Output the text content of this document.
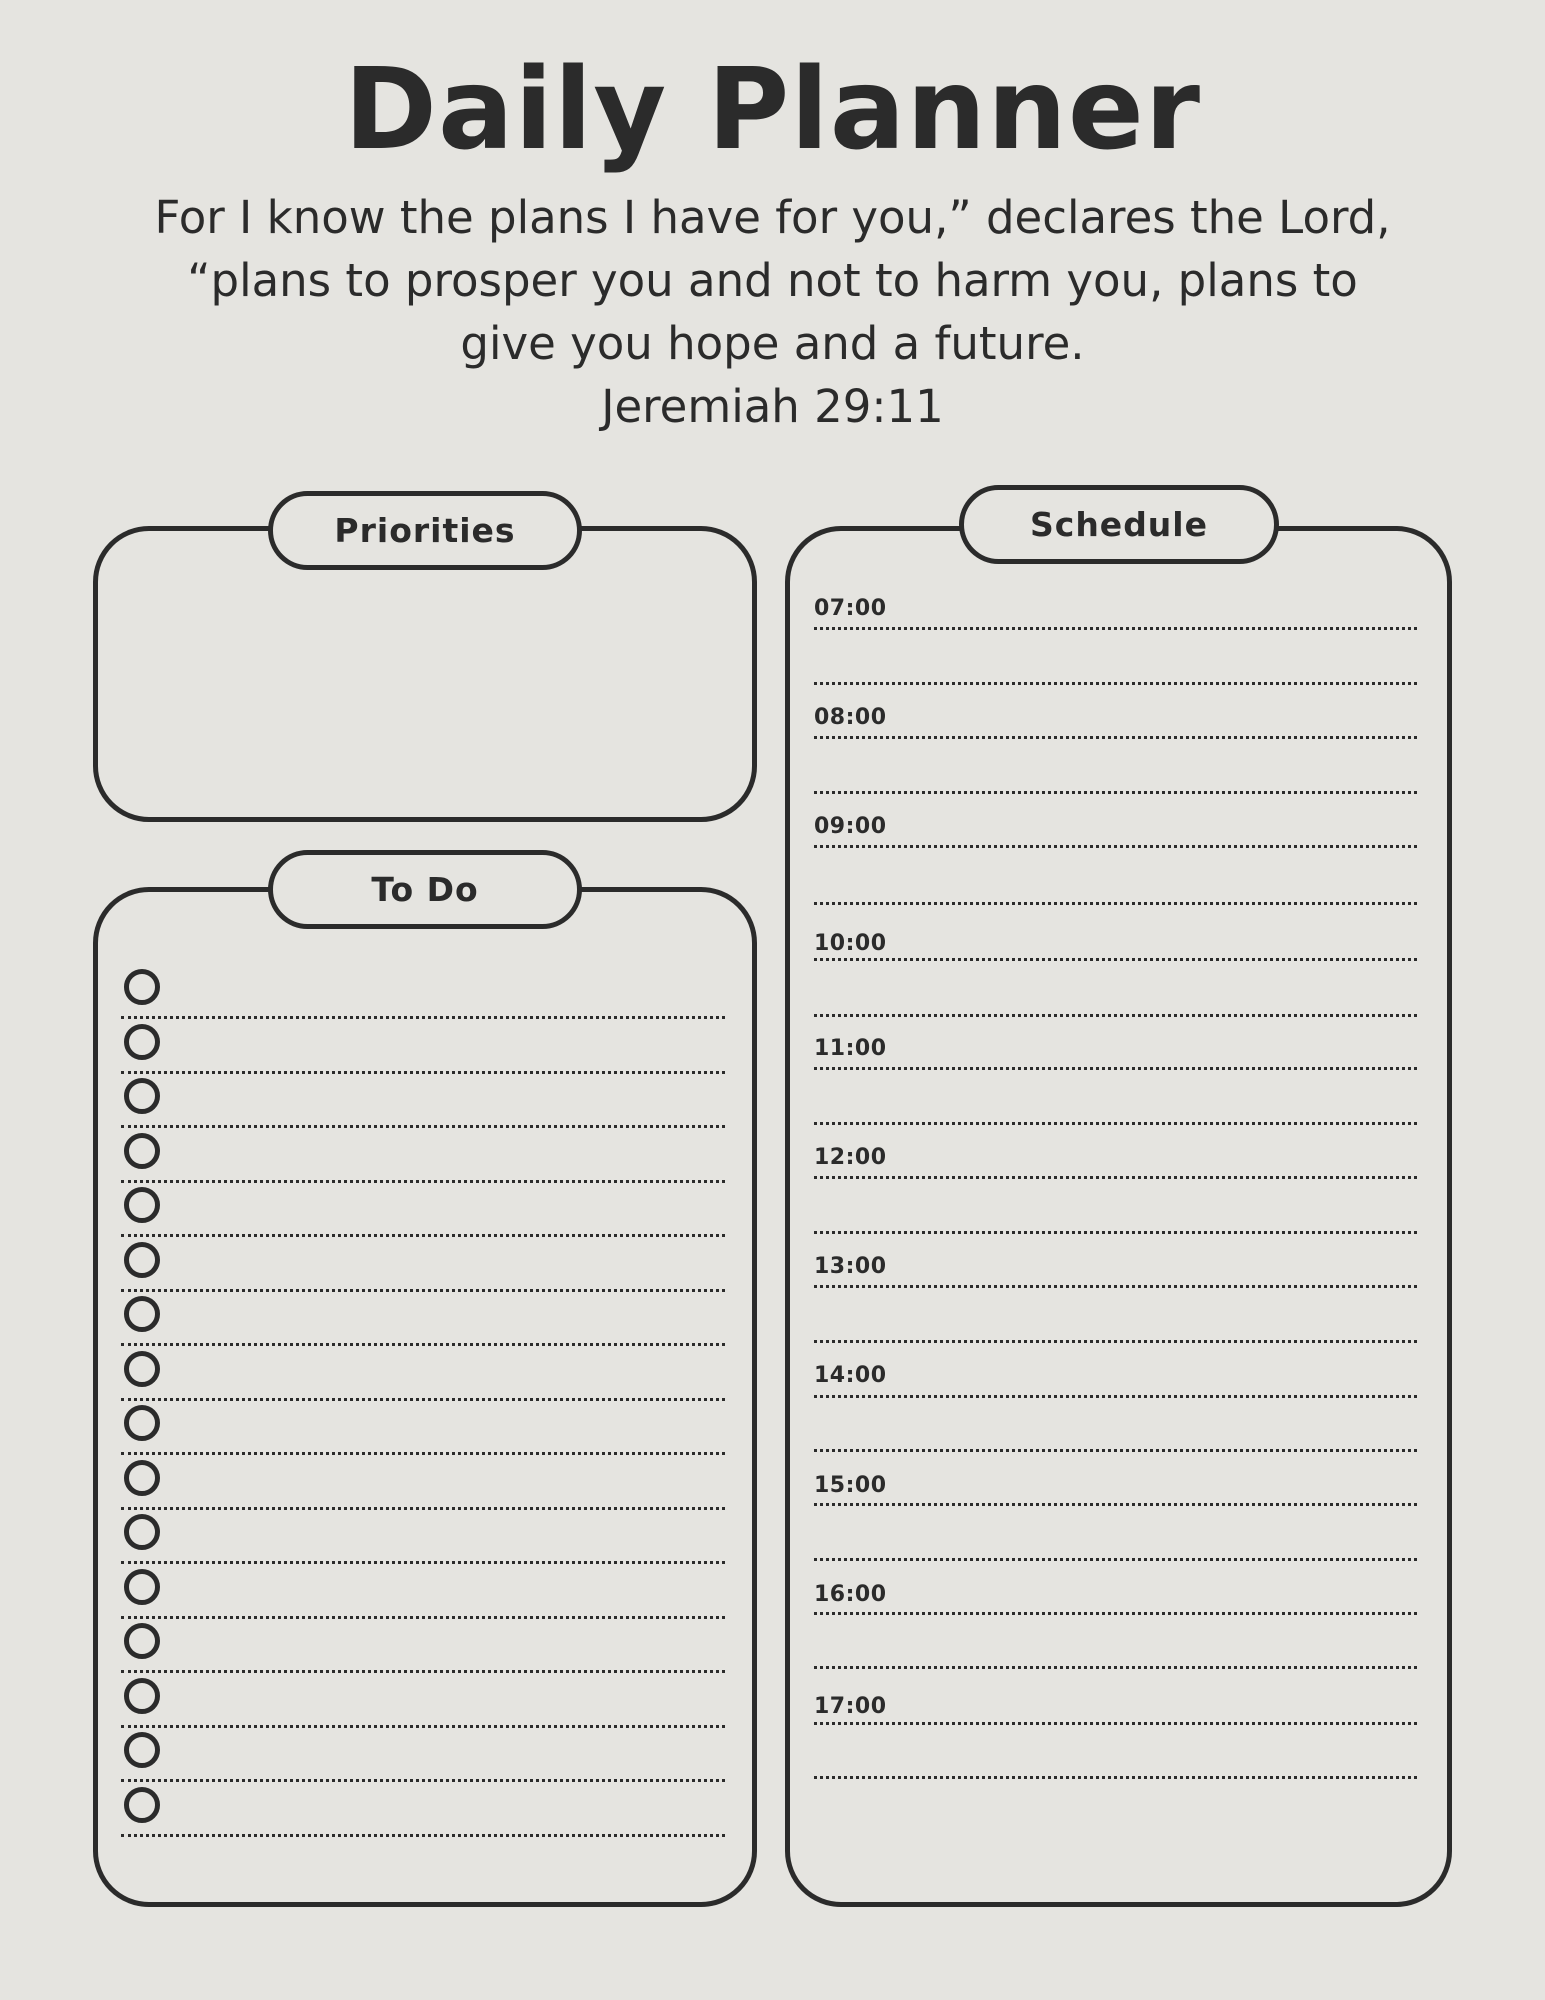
Daily Planner
For I know the plans I have for you,” declares the Lord,
“plans to prosper you and not to harm you, plans to
give you hope and a future.
Jeremiah 29:11
Priorities
To Do
Schedule
07:00
08:00
09:00
10:00
11:00
12:00
13:00
14:00
15:00
16:00
17:00
